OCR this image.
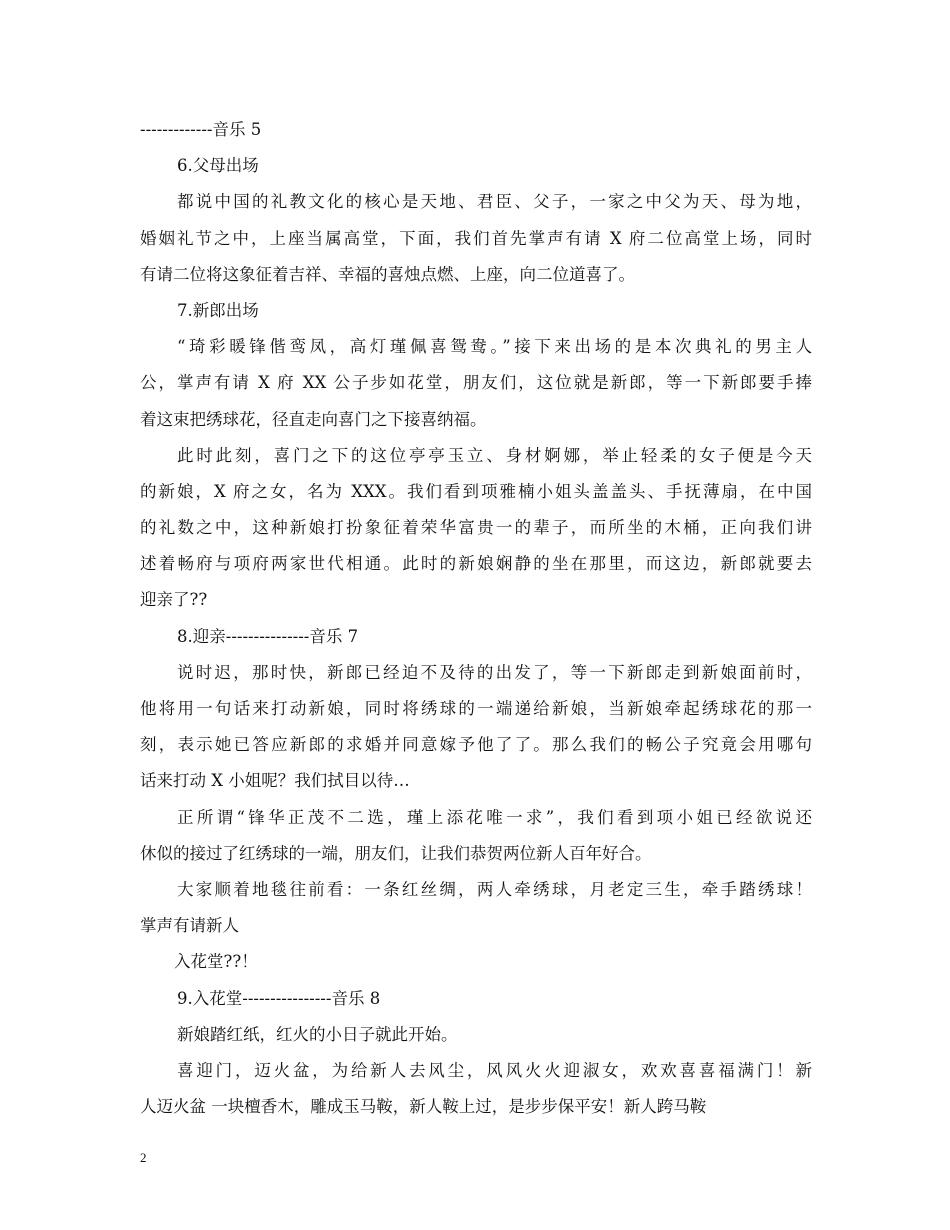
-------------音乐 5
6.父母出场
都说中国的礼教文化的核心是天地、君臣、父子，一家之中父为天、母为地，
婚姻礼节之中，上座当属高堂，下面，我们首先掌声有请 X 府二位高堂上场，同时
有请二位将这象征着吉祥、幸福的喜烛点燃、上座，向二位道喜了。
7.新郎出场
“琦彩暖锋偕鸾凤，高灯瑾佩喜鸳鸯。”接下来出场的是本次典礼的男主人
公，掌声有请 X 府 XX 公子步如花堂，朋友们，这位就是新郎，等一下新郎要手捧
着这束把绣球花，径直走向喜门之下接喜纳福。
此时此刻，喜门之下的这位亭亭玉立、身材婀娜，举止轻柔的女子便是今天
的新娘，X 府之女，名为 XXX。我们看到项雅楠小姐头盖盖头、手抚薄扇，在中国
的礼数之中，这种新娘打扮象征着荣华富贵一的辈子，而所坐的木桶，正向我们讲
述着畅府与项府两家世代相通。此时的新娘娴静的坐在那里，而这边，新郎就要去
迎亲了??
8.迎亲---------------音乐 7
说时迟，那时快，新郎已经迫不及待的出发了，等一下新郎走到新娘面前时，
他将用一句话来打动新娘，同时将绣球的一端递给新娘，当新娘牵起绣球花的那一
刻，表示她已答应新郎的求婚并同意嫁予他了了。那么我们的畅公子究竟会用哪句
话来打动 X 小姐呢？我们拭目以待…
正所谓“锋华正茂不二选，瑾上添花唯一求”，我们看到项小姐已经欲说还
休似的接过了红绣球的一端，朋友们，让我们恭贺两位新人百年好合。
大家顺着地毯往前看：一条红丝绸，两人牵绣球，月老定三生，牵手踏绣球！
掌声有请新人
入花堂??！
9.入花堂----------------音乐 8
新娘踏红纸，红火的小日子就此开始。
喜迎门，迈火盆，为给新人去风尘，风风火火迎淑女，欢欢喜喜福满门！新
人迈火盆 一块檀香木，雕成玉马鞍，新人鞍上过，是步步保平安！新人跨马鞍
2
